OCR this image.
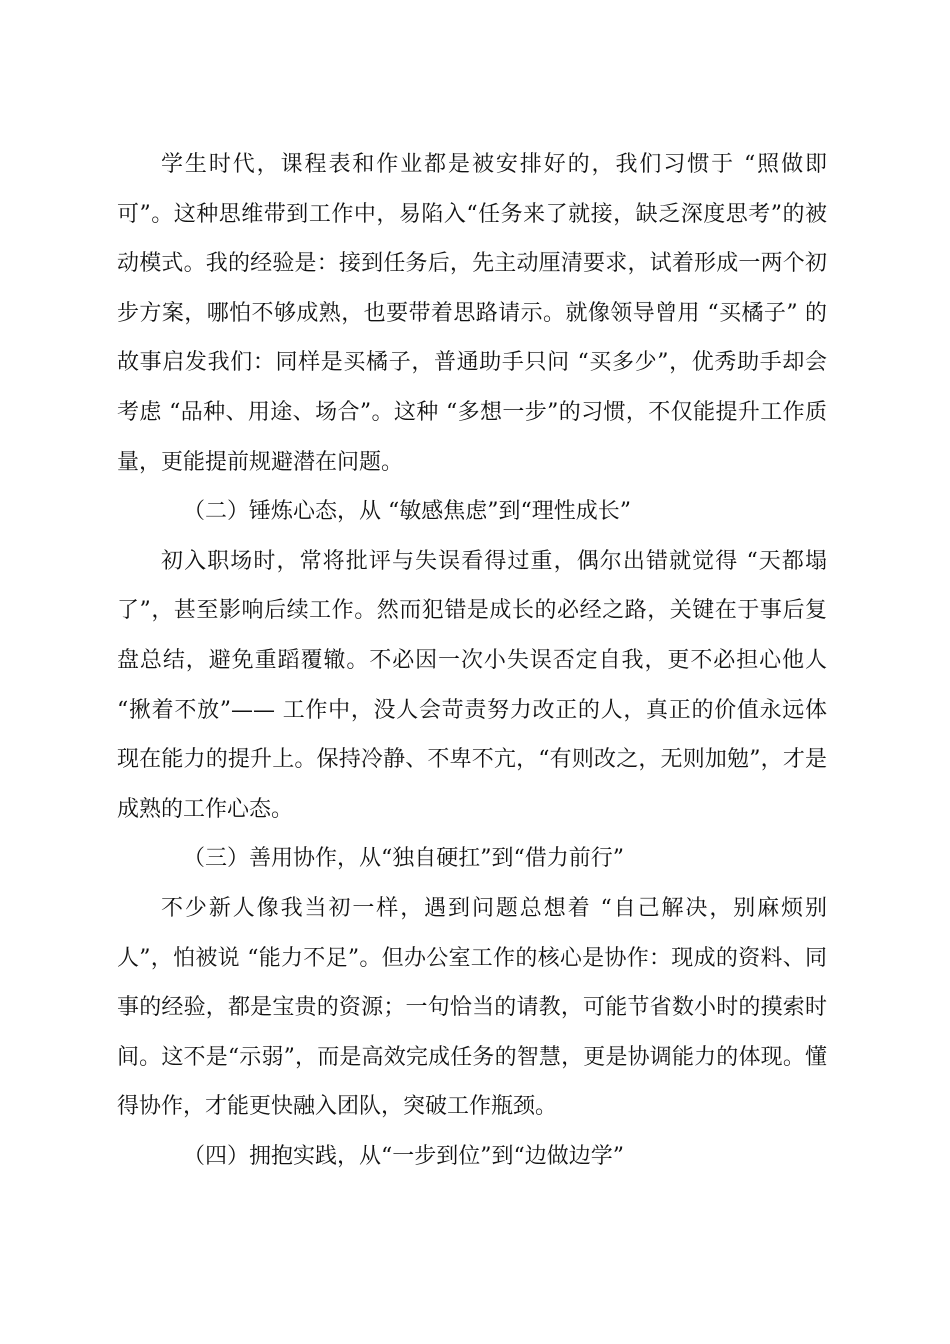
学生时代，课程表和作业都是被安排好的，我们习惯于 “照做即可”。这种思维带到工作中，易陷入“任务来了就接，缺乏深度思考”的被动模式。我的经验是：接到任务后，先主动厘清要求，试着形成一两个初步方案，哪怕不够成熟，也要带着思路请示。就像领导曾用 “买橘子” 的故事启发我们：同样是买橘子，普通助手只问 “买多少”，优秀助手却会考虑 “品种、用途、场合”。这种 “多想一步”的习惯，不仅能提升工作质量，更能提前规避潜在问题。

（二）锤炼心态，从 “敏感焦虑”到“理性成长”

初入职场时，常将批评与失误看得过重，偶尔出错就觉得 “天都塌了”，甚至影响后续工作。然而犯错是成长的必经之路，关键在于事后复盘总结，避免重蹈覆辙。不必因一次小失误否定自我，更不必担心他人 “揪着不放”—— 工作中，没人会苛责努力改正的人，真正的价值永远体现在能力的提升上。保持冷静、不卑不亢，“有则改之，无则加勉”，才是成熟的工作心态。

（三）善用协作，从“独自硬扛”到“借力前行”

不少新人像我当初一样，遇到问题总想着 “自己解决，别麻烦别人”，怕被说 “能力不足”。但办公室工作的核心是协作：现成的资料、同事的经验，都是宝贵的资源；一句恰当的请教，可能节省数小时的摸索时间。这不是“示弱”，而是高效完成任务的智慧，更是协调能力的体现。懂得协作，才能更快融入团队，突破工作瓶颈。

（四）拥抱实践，从“一步到位”到“边做边学”
